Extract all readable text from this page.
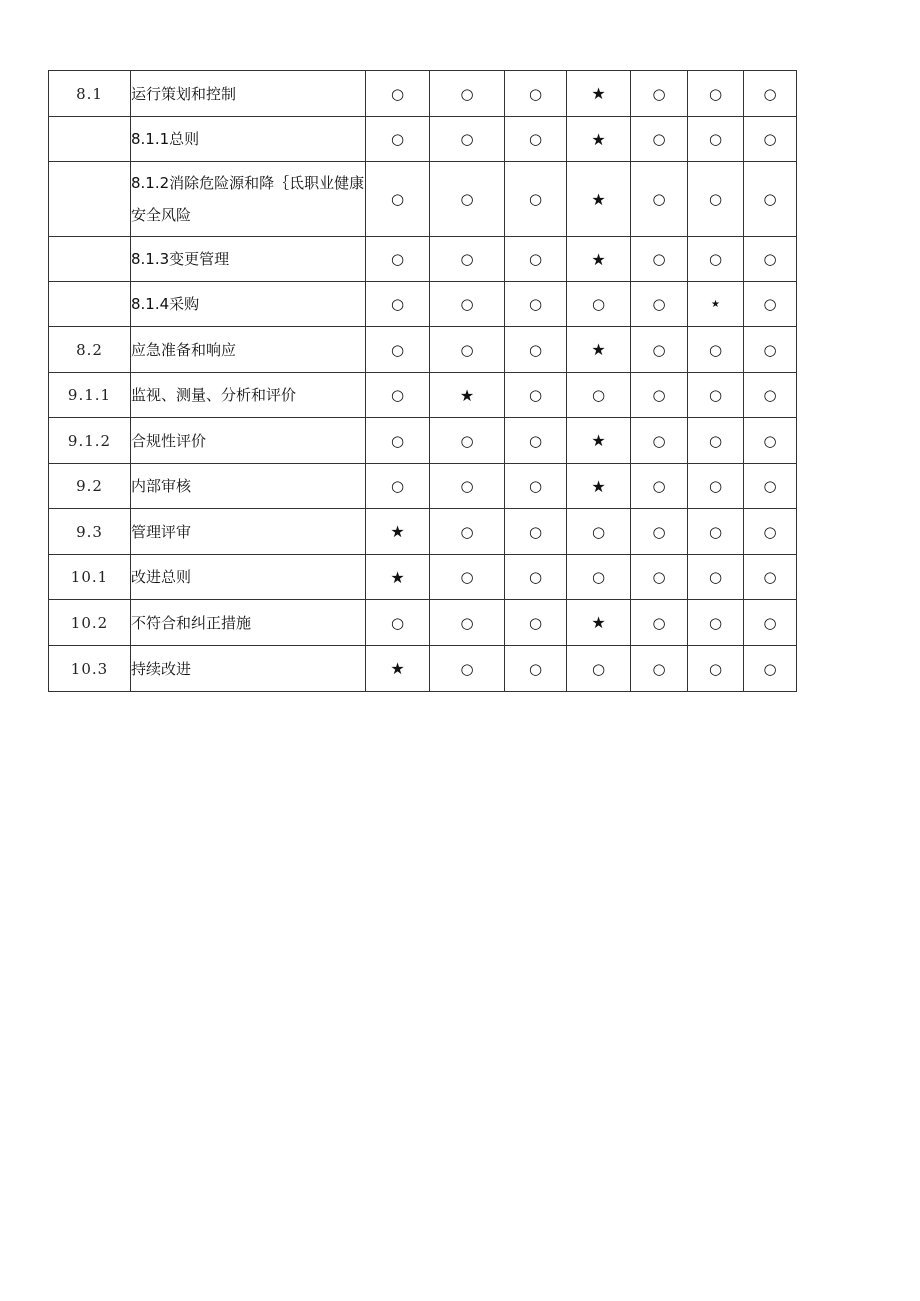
8.1	运行策划和控制	○	○	○	★	○	○	○
	8.1.1总则	○	○	○	★	○	○	○
	8.1.2消除危险源和降｛氐职业健康安全风险	○	○	○	★	○	○	○
	8.1.3变更管理	○	○	○	★	○	○	○
	8.1.4采购	○	○	○	○	○	★	○
8.2	应急准备和响应	○	○	○	★	○	○	○
9.1.1	监视、测量、分析和评价	○	★	○	○	○	○	○
9.1.2	合规性评价	○	○	○	★	○	○	○
9.2	内部审核	○	○	○	★	○	○	○
9.3	管理评审	★	○	○	○	○	○	○
10.1	改进总则	★	○	○	○	○	○	○
10.2	不符合和纠正措施	○	○	○	★	○	○	○
10.3	持续改进	★	○	○	○	○	○	○
